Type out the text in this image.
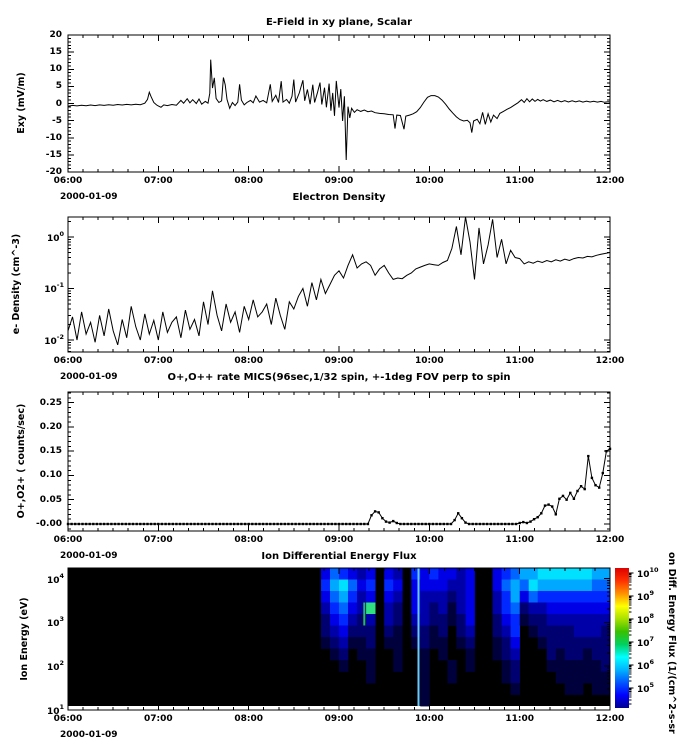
E-Field in xy plane, Scalar
Electron Density
O+,O++ rate MICS(96sec,1/32 spin, +-1deg FOV perp to spin
Ion Differential Energy Flux
Exy (mV/m)
e- Density (cm^-3)
O+,O2+ ( counts/sec)
Ion Energy (eV)
2000-01-09
2000-01-09
2000-01-09
2000-01-09
on Diff. Energy Flux (1/(cm^2-s-sr
06:00	07:00	08:00	09:00	10:00	11:00	12:00
06:00	07:00	08:00	09:00	10:00	11:00	12:00
06:00	07:00	08:00	09:00	10:00	11:00	12:00
06:00	07:00	08:00	09:00	10:00	11:00	12:00
20
15
10
5
0
-5
-10
-15
-20
0.25
0.20
0.15
0.10
0.05
-0.00
$10^0$
$10^{-1}$
$10^{-2}$
$10^4$
$10^3$
$10^2$
$10^1$
$10^{10}$
$10^9$
$10^8$
$10^7$
$10^6$
$10^5$
